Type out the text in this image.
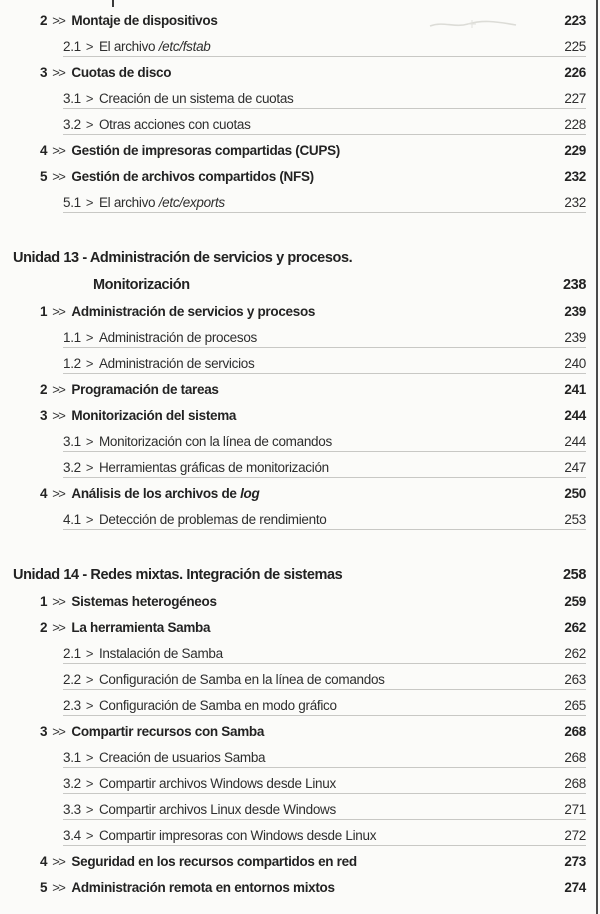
2 >> Montaje de dispositivos	223
2.1 > El archivo /etc/fstab	225
3 >> Cuotas de disco	226
3.1 > Creación de un sistema de cuotas	227
3.2 > Otras acciones con cuotas	228
4 >> Gestión de impresoras compartidas (CUPS)	229
5 >> Gestión de archivos compartidos (NFS)	232
5.1 > El archivo /etc/exports	232
Unidad 13 - Administración de servicios y procesos.
Monitorización	238
1 >> Administración de servicios y procesos	239
1.1 > Administración de procesos	239
1.2 > Administración de servicios	240
2 >> Programación de tareas	241
3 >> Monitorización del sistema	244
3.1 > Monitorización con la línea de comandos	244
3.2 > Herramientas gráficas de monitorización	247
4 >> Análisis de los archivos de log	250
4.1 > Detección de problemas de rendimiento	253
Unidad 14 - Redes mixtas. Integración de sistemas	258
1 >> Sistemas heterogéneos	259
2 >> La herramienta Samba	262
2.1 > Instalación de Samba	262
2.2 > Configuración de Samba en la línea de comandos	263
2.3 > Configuración de Samba en modo gráfico	265
3 >> Compartir recursos con Samba	268
3.1 > Creación de usuarios Samba	268
3.2 > Compartir archivos Windows desde Linux	268
3.3 > Compartir archivos Linux desde Windows	271
3.4 > Compartir impresoras con Windows desde Linux	272
4 >> Seguridad en los recursos compartidos en red	273
5 >> Administración remota en entornos mixtos	274
